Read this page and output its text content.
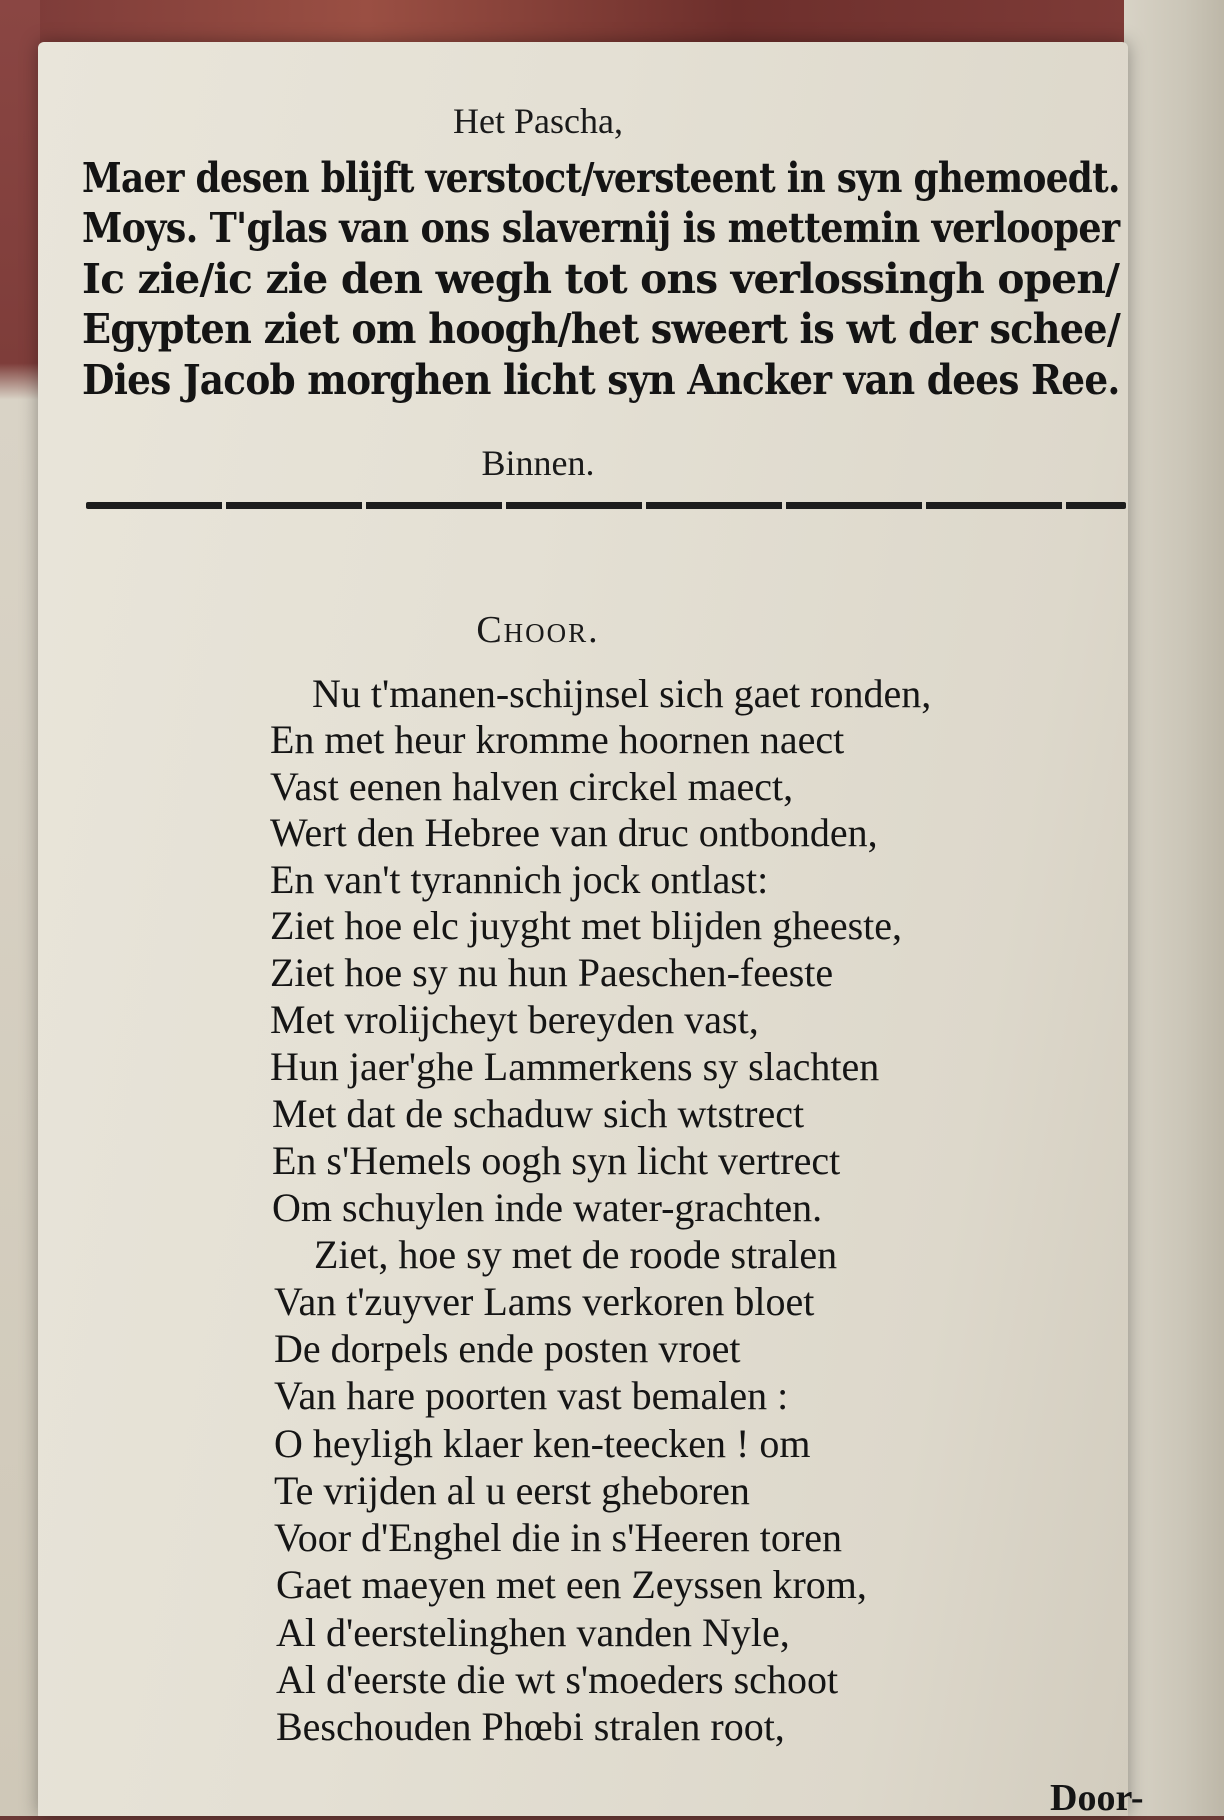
Het Pascha,
Maer desen blijft verstoct/versteent in syn ghemoedt.
Moys. T'glas van ons slavernij is mettemin verlooper
Ic zie/ic zie den wegh tot ons verlossingh open/
Egypten ziet om hoogh/het sweert is wt der schee/
Dies Jacob morghen licht syn Ancker van dees Ree.
Binnen.
Choor.
Nu t'manen-schijnsel sich gaet ronden,
En met heur kromme hoornen naect
Vast eenen halven circkel maect,
Wert den Hebree van druc ontbonden,
En van't tyrannich jock ontlast:
Ziet hoe elc juyght met blijden gheeste,
Ziet hoe sy nu hun Paeschen-feeste
Met vrolijcheyt bereyden vast,
Hun jaer'ghe Lammerkens sy slachten
Met dat de schaduw sich wtstrect
En s'Hemels oogh syn licht vertrect
Om schuylen inde water-grachten.
Ziet, hoe sy met de roode stralen
Van t'zuyver Lams verkoren bloet
De dorpels ende posten vroet
Van hare poorten vast bemalen :
O heyligh klaer ken-teecken ! om
Te vrijden al u eerst gheboren
Voor d'Enghel die in s'Heeren toren
Gaet maeyen met een Zeyssen krom,
Al d'eerstelinghen vanden Nyle,
Al d'eerste die wt s'moeders schoot
Beschouden Phœbi stralen root,
Door-
